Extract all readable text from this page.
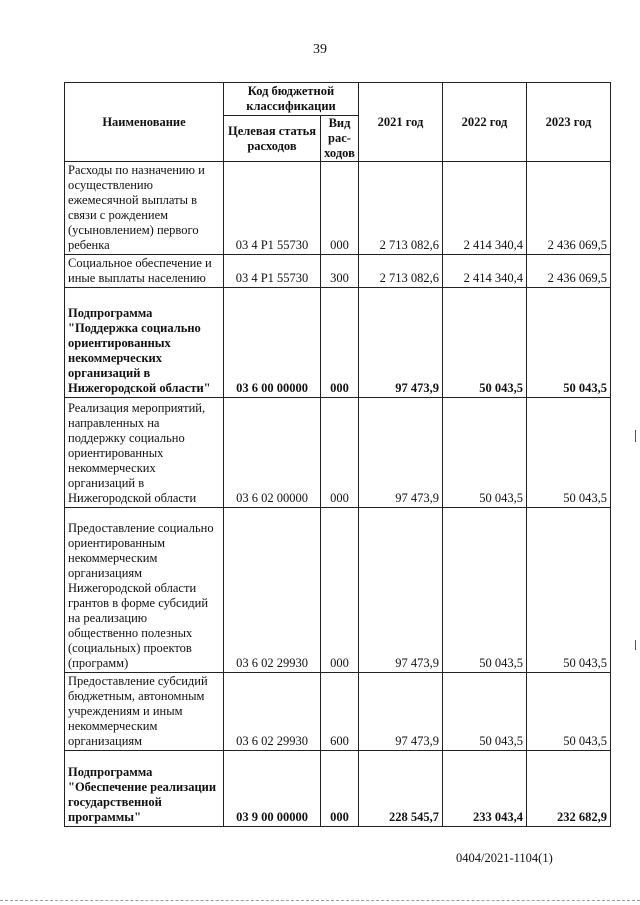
39
Наименование	Код бюджетной классификации		2021 год	2022 год	2023 год
	Целевая статья расходов	Вид рас-ходов			
Расходы по назначению и осуществлению ежемесячной выплаты в связи с рождением (усыновлением) первого ребенка	03 4 P1 55730	000	2 713 082,6	2 414 340,4	2 436 069,5
Социальное обеспечение и иные выплаты населению	03 4 P1 55730	300	2 713 082,6	2 414 340,4	2 436 069,5
Подпрограмма "Поддержка социально ориентированных некоммерческих организаций в Нижегородской области"	03 6 00 00000	000	97 473,9	50 043,5	50 043,5
Реализация мероприятий, направленных на поддержку социально ориентированных некоммерческих организаций в Нижегородской области	03 6 02 00000	000	97 473,9	50 043,5	50 043,5
Предоставление социально ориентированным некоммерческим организациям Нижегородской области грантов в форме субсидий на реализацию общественно полезных (социальных) проектов (программ)	03 6 02 29930	000	97 473,9	50 043,5	50 043,5
Предоставление субсидий бюджетным, автономным учреждениям и иным некоммерческим организациям	03 6 02 29930	600	97 473,9	50 043,5	50 043,5
Подпрограмма "Обеспечение реализации государственной программы"	03 9 00 00000	000	228 545,7	233 043,4	232 682,9
0404/2021-1104(1)
